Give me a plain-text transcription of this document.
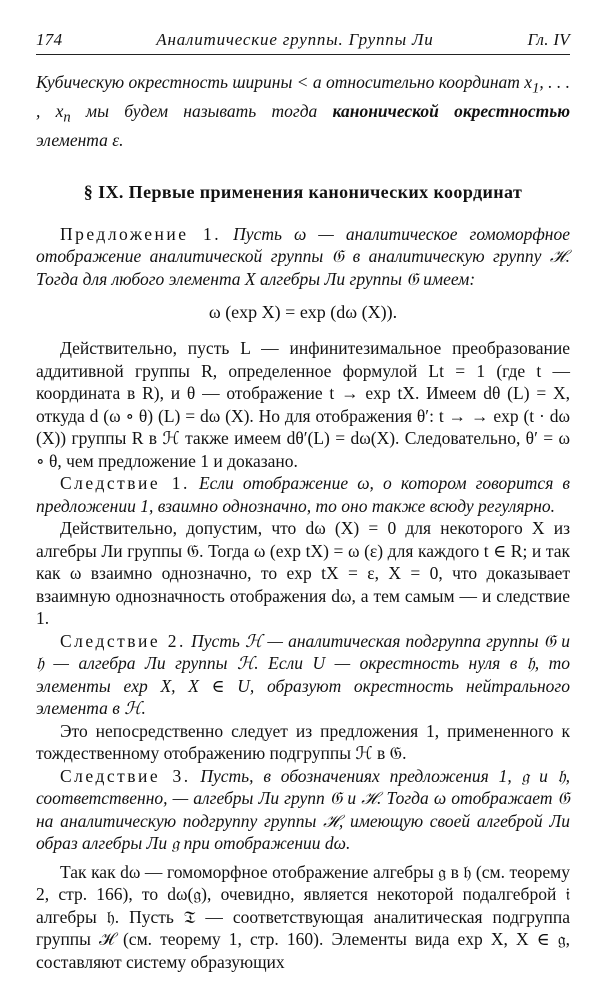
174	Аналитические группы. Группы Ли	Гл. IV

Кубическую окрестность ширины < a относительно координат $x_1$, . . . , $x_n$ мы будем называть тогда канонической окрестностью элемента ε.

§ IX. Первые применения канонических координат

Предложение 1. Пусть ω — аналитическое гомоморфное отображение аналитической группы 𝔊 в аналитическую группу ℋ. Тогда для любого элемента X алгебры Ли группы 𝔊 имеем:

ω (exp X) = exp (dω (X)).

Действительно, пусть L — инфинитезимальное преобразование аддитивной группы R, определенное формулой Lt = 1 (где t — координата в R), и θ — отображение t → exp tX. Имеем dθ (L) = X, откуда d (ω ∘ θ) (L) = dω (X). Но для отображения θ′: t → → exp (t · dω (X)) группы R в ℋ также имеем dθ′(L) = dω(X). Следовательно, θ′ = ω ∘ θ, чем предложение 1 и доказано.

Следствие 1. Если отображение ω, о котором говорится в предложении 1, взаимно однозначно, то оно также всюду регулярно.

Действительно, допустим, что dω (X) = 0 для некоторого X из алгебры Ли группы 𝔊. Тогда ω (exp tX) = ω (ε) для каждого t ∈ R; и так как ω взаимно однозначно, то exp tX = ε, X = 0, что доказывает взаимную однозначность отображения dω, а тем самым — и следствие 1.

Следствие 2. Пусть ℋ — аналитическая подгруппа группы 𝔊 и 𝔥 — алгебра Ли группы ℋ. Если U — окрестность нуля в 𝔥, то элементы exp X, X ∈ U, образуют окрестность нейтрального элемента в ℋ.

Это непосредственно следует из предложения 1, примененного к тождественному отображению подгруппы ℋ в 𝔊.

Следствие 3. Пусть, в обозначениях предложения 1, 𝔤 и 𝔥, соответственно, — алгебры Ли групп 𝔊 и ℋ. Тогда ω отображает 𝔊 на аналитическую подгруппу группы ℋ, имеющую своей алгеброй Ли образ алгебры Ли 𝔤 при отображении dω.

Так как dω — гомоморфное отображение алгебры 𝔤 в 𝔥 (см. теорему 2, стр. 166), то dω(𝔤), очевидно, является некоторой подалгеброй 𝔦 алгебры 𝔥. Пусть 𝔗 — соответствующая аналитическая подгруппа группы ℋ (см. теорему 1, стр. 160). Элементы вида exp X, X ∈ 𝔤, составляют систему образующих
